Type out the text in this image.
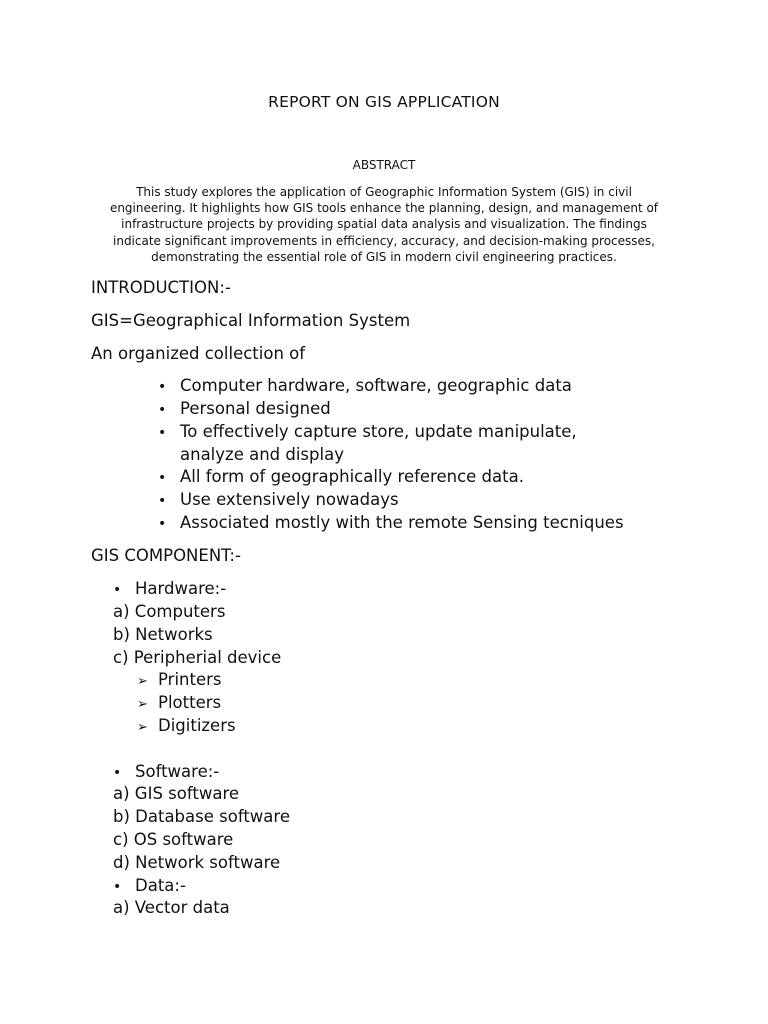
REPORT ON GIS APPLICATION
ABSTRACT
This study explores the application of Geographic Information System (GIS) in civil
engineering. It highlights how GIS tools enhance the planning, design, and management of
infrastructure projects by providing spatial data analysis and visualization. The findings
indicate significant improvements in efficiency, accuracy, and decision-making processes,
demonstrating the essential role of GIS in modern civil engineering practices.
INTRODUCTION:-
GIS=Geographical Information System
An organized collection of
• Computer hardware, software, geographic data
• Personal designed
• To effectively capture store, update manipulate,
analyze and display
• All form of geographically reference data.
• Use extensively nowadays
• Associated mostly with the remote Sensing tecniques
GIS COMPONENT:-
• Hardware:-
a) Computers
b) Networks
c) Peripherial device
➢ Printers
➢ Plotters
➢ Digitizers
• Software:-
a) GIS software
b) Database software
c) OS software
d) Network software
• Data:-
a) Vector data
